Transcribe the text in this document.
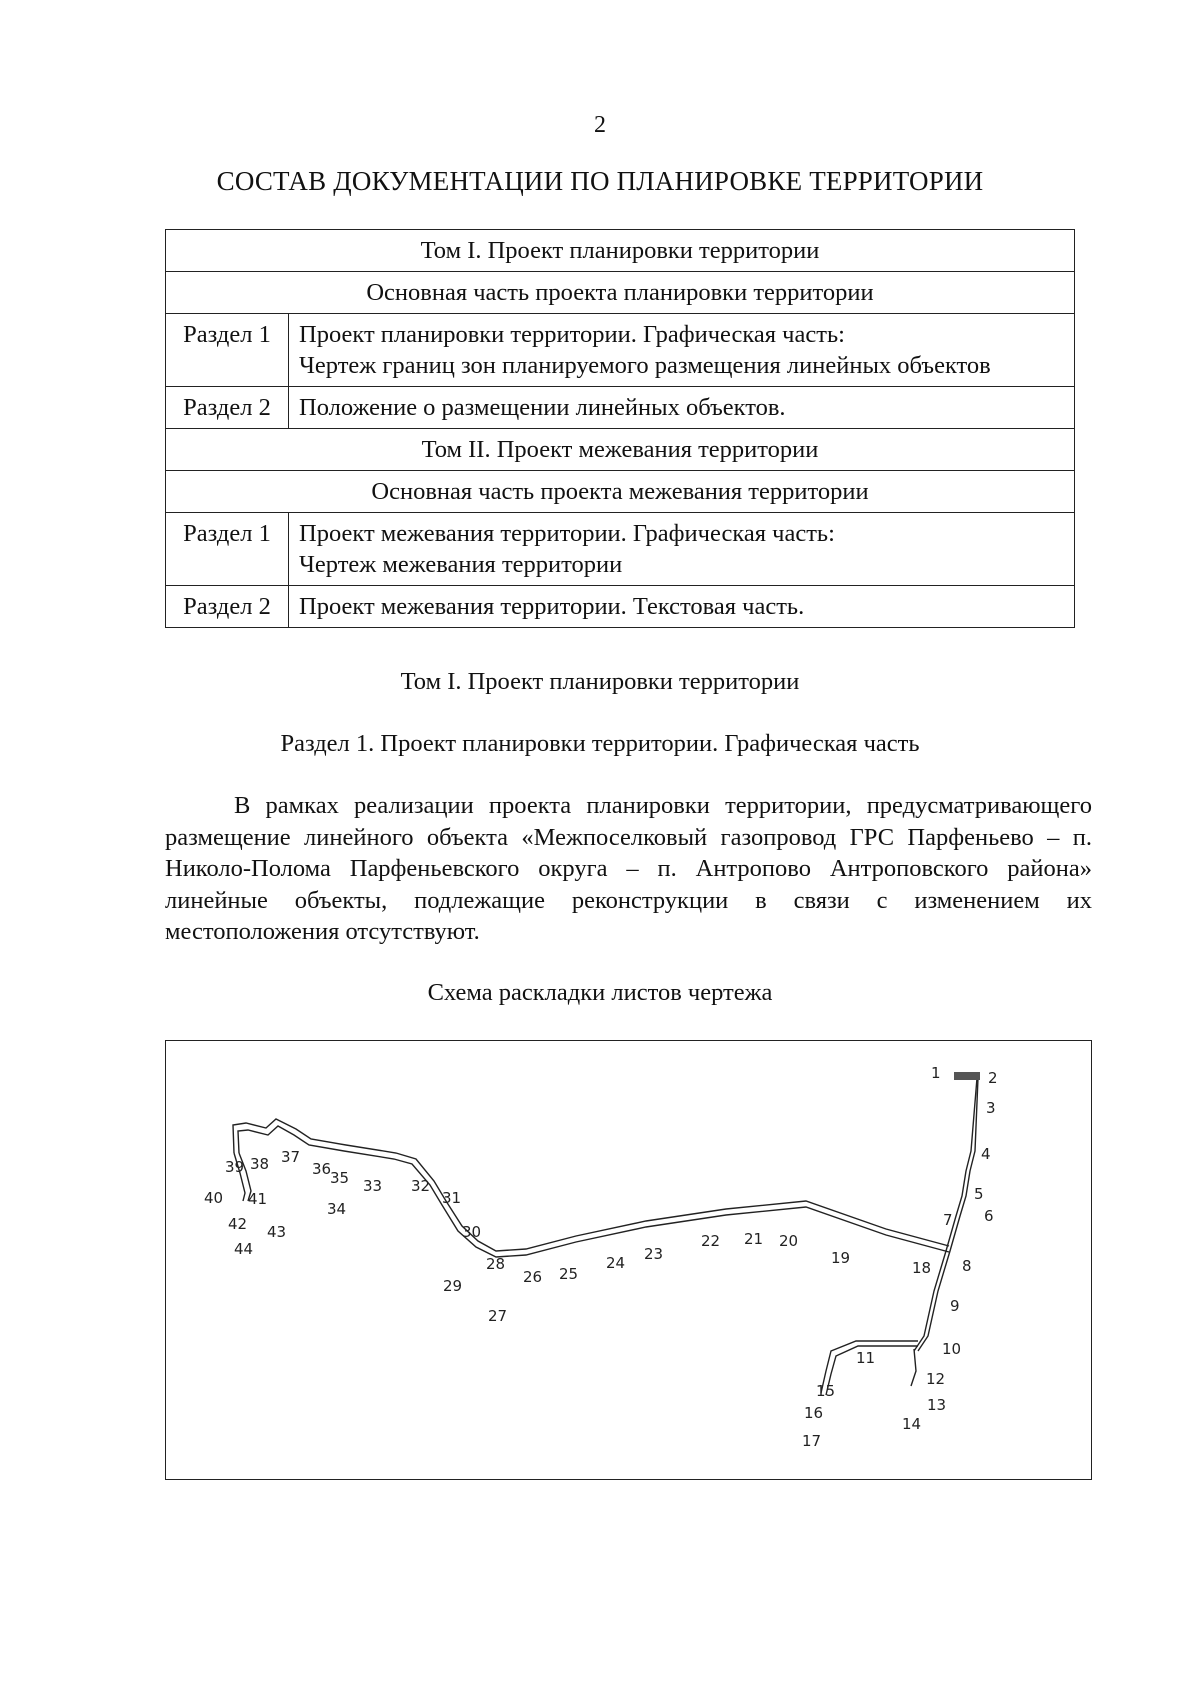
2
СОСТАВ ДОКУМЕНТАЦИИ ПО ПЛАНИРОВКЕ ТЕРРИТОРИИ
Том I. Проект планировки территории	
Основная часть проекта планировки территории	
Раздел 1	Проект планировки территории. Графическая часть:
Чертеж границ зон планируемого размещения линейных объектов

Раздел 2	Положение о размещении линейных объектов.
Том II. Проект межевания территории	
Основная часть проекта межевания территории	
Раздел 1	Проект межевания территории. Графическая часть:
Чертеж межевания территории

Раздел 2	Проект межевания территории. Текстовая часть.
Том I. Проект планировки территории
Раздел 1. Проект планировки территории. Графическая часть
В рамках реализации проекта планировки территории, предусматривающего размещение линейного объекта «Межпоселковый газопровод ГРС Парфеньево – п. Николо-Полома Парфеньевского округа – п. Антропово Антроповского района» линейные объекты, подлежащие реконструкции в связи с изменением их местоположения отсутствуют.
Схема раскладки листов чертежа
1	2
3
4
5
6
7
8
9
10
11
12
13
14
15
16
17
18
19
20
21
22
23
24
25
26
27
28
29
30
31
32
33
34
35
36
37
38
39
40 41
42 43
44
